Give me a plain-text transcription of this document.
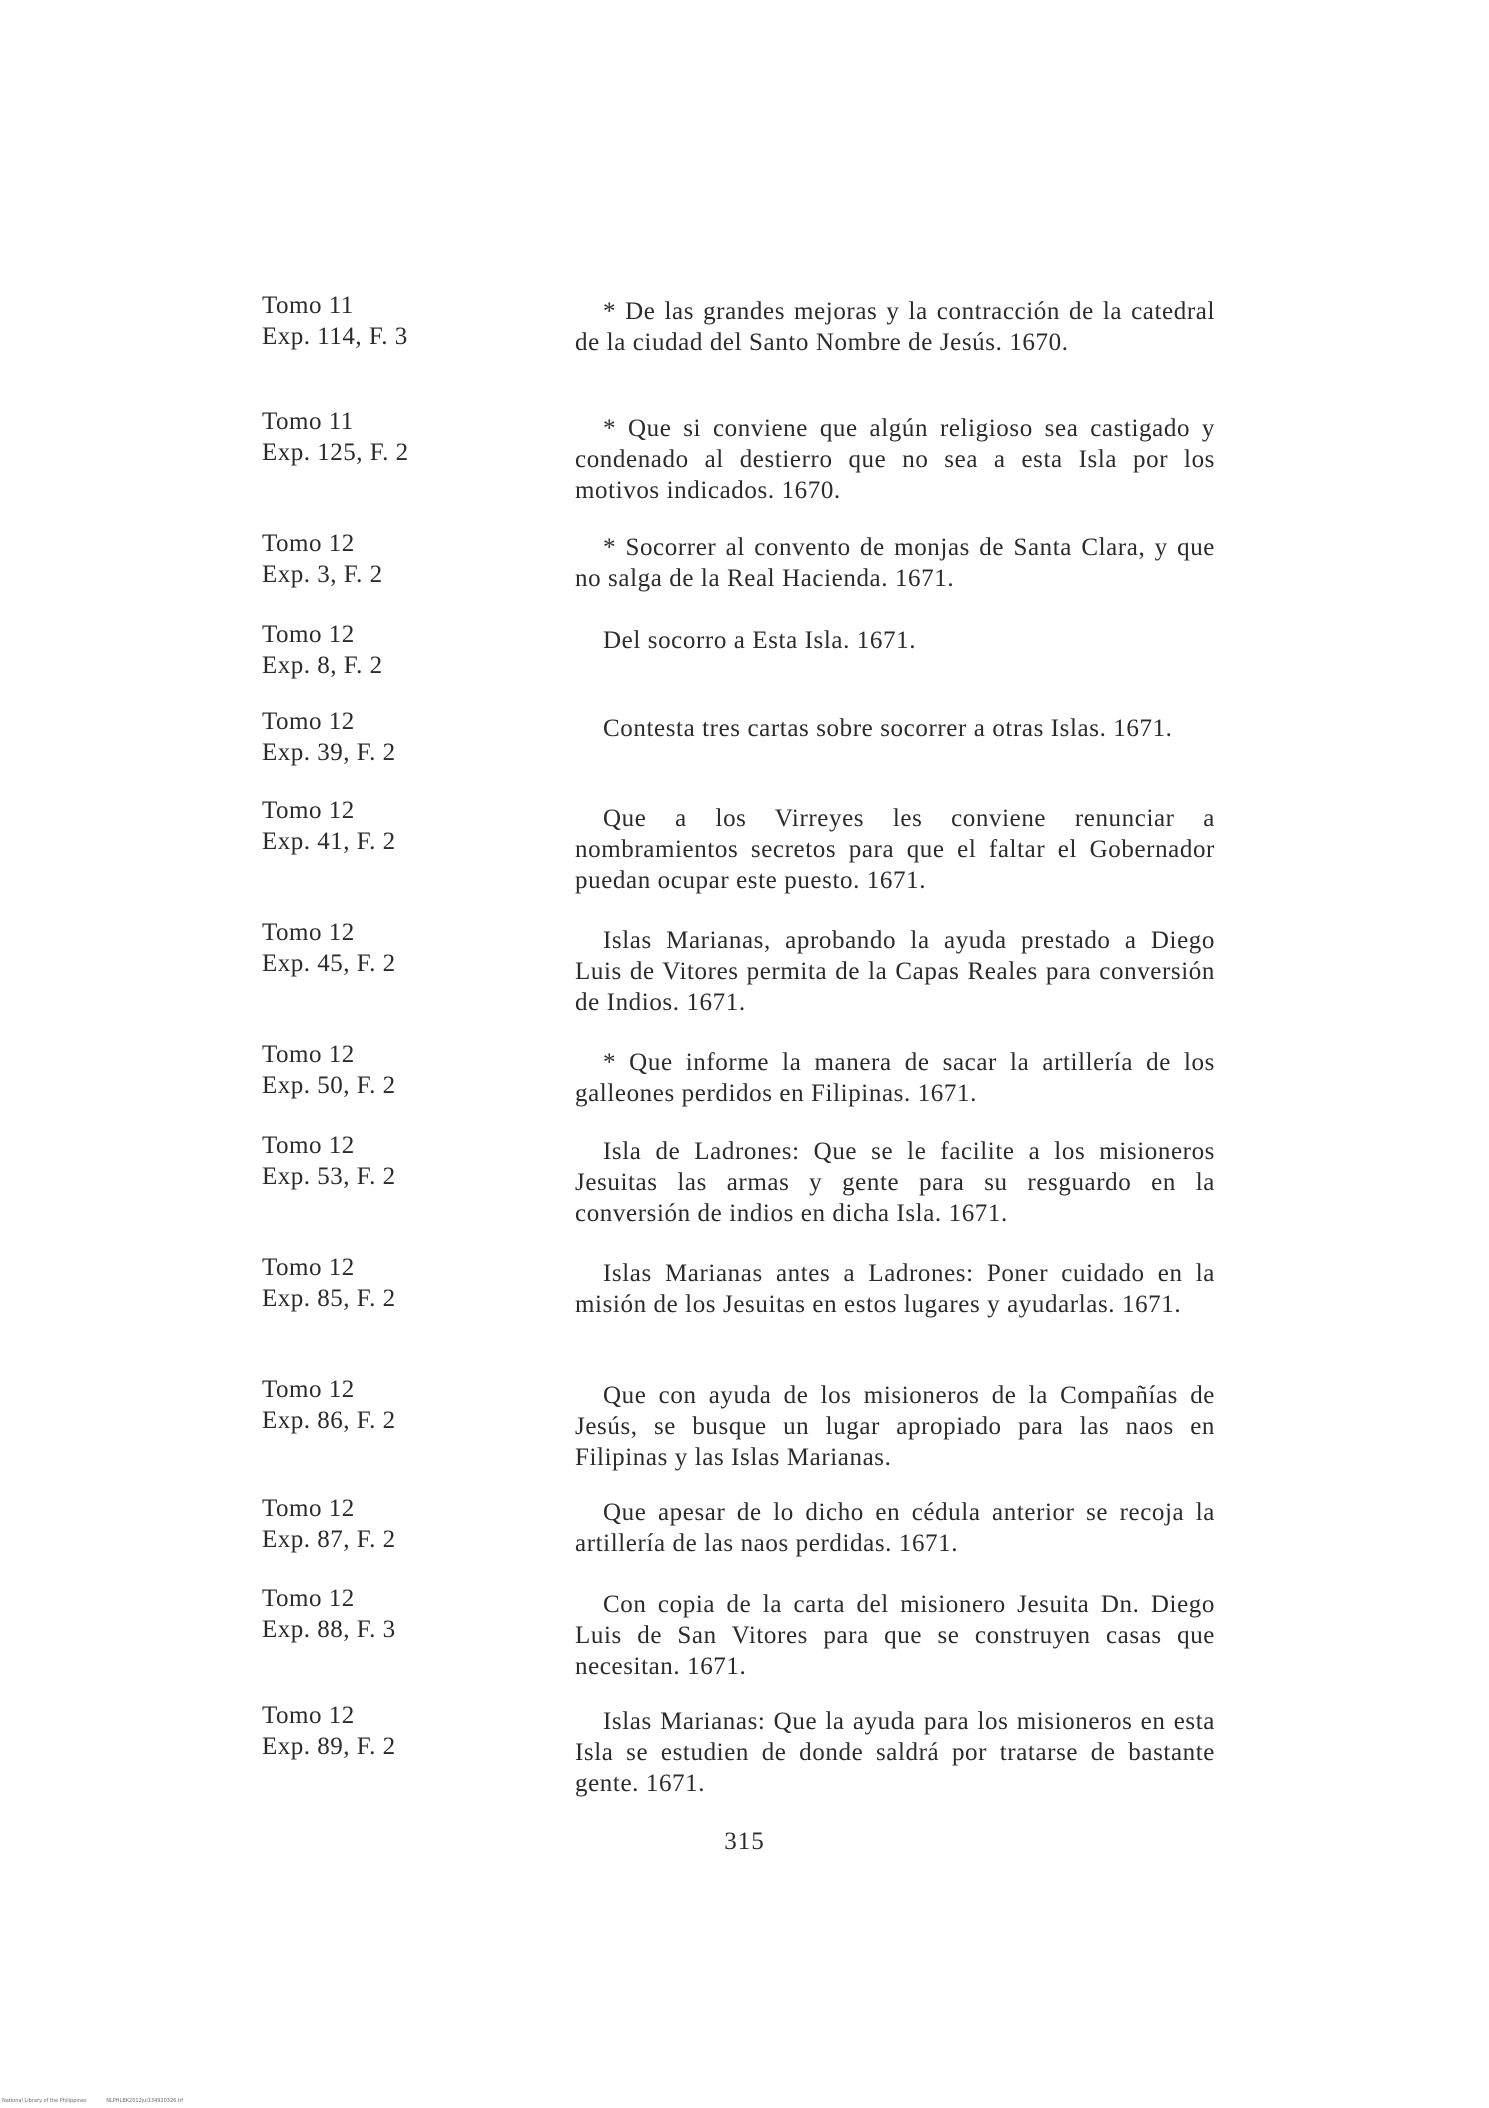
Tomo 11
Exp. 114, F. 3
* De las grandes mejoras y la contracción de la catedral de la ciudad del Santo Nombre de Jesús. 1670.
Tomo 11
Exp. 125, F. 2
* Que si conviene que algún religioso sea castigado y condenado al destierro que no sea a esta Isla por los motivos indicados. 1670.
Tomo 12
Exp. 3, F. 2
* Socorrer al convento de monjas de Santa Clara, y que no salga de la Real Hacienda. 1671.
Tomo 12
Exp. 8, F. 2
Del socorro a Esta Isla. 1671.
Tomo 12
Exp. 39, F. 2
Contesta tres cartas sobre socorrer a otras Islas. 1671.
Tomo 12
Exp. 41, F. 2
Que a los Virreyes les conviene renunciar a nombramientos secretos para que el faltar el Gobernador puedan ocupar este puesto. 1671.
Tomo 12
Exp. 45, F. 2
Islas Marianas, aprobando la ayuda prestado a Diego Luis de Vitores permita de la Capas Reales para conversión de Indios. 1671.
Tomo 12
Exp. 50, F. 2
* Que informe la manera de sacar la artillería de los galleones perdidos en Filipinas. 1671.
Tomo 12
Exp. 53, F. 2
Isla de Ladrones: Que se le facilite a los misioneros Jesuitas las armas y gente para su resguardo en la conversión de indios en dicha Isla. 1671.
Tomo 12
Exp. 85, F. 2
Islas Marianas antes a Ladrones: Poner cuidado en la misión de los Jesuitas en estos lugares y ayudarlas. 1671.
Tomo 12
Exp. 86, F. 2
Que con ayuda de los misioneros de la Compañías de Jesús, se busque un lugar apropiado para las naos en Filipinas y las Islas Marianas.
Tomo 12
Exp. 87, F. 2
Que apesar de lo dicho en cédula anterior se recoja la artillería de las naos perdidas. 1671.
Tomo 12
Exp. 88, F. 3
Con copia de la carta del misionero Jesuita Dn. Diego Luis de San Vitores para que se construyen casas que necesitan. 1671.
Tomo 12
Exp. 89, F. 2
Islas Marianas: Que la ayuda para los misioneros en esta Isla se estudien de donde saldrá por tratarse de bastante gente. 1671.
315
National Library of the Philippines	NLPHLBK2012jul134920326.tif
